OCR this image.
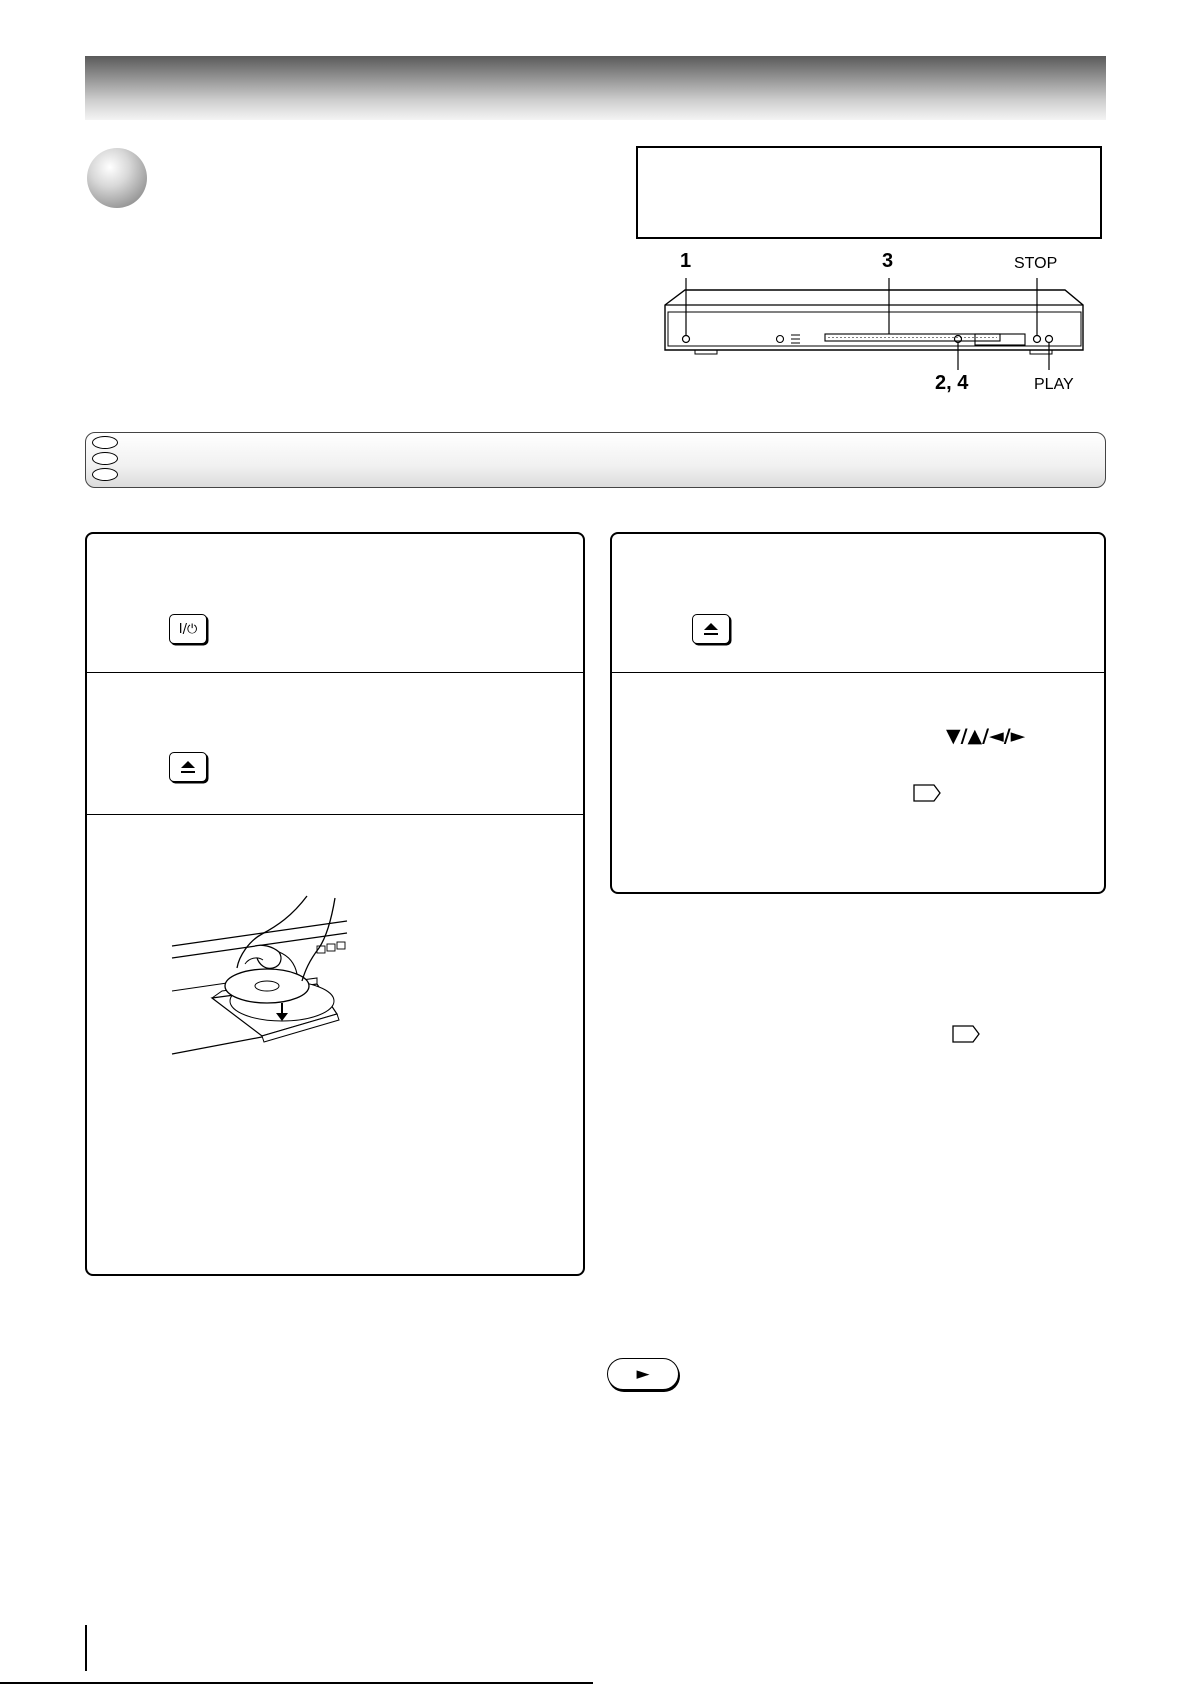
1	3	STOP
2, 4	PLAY
I/⏻
▼/▲/◄/►
►
